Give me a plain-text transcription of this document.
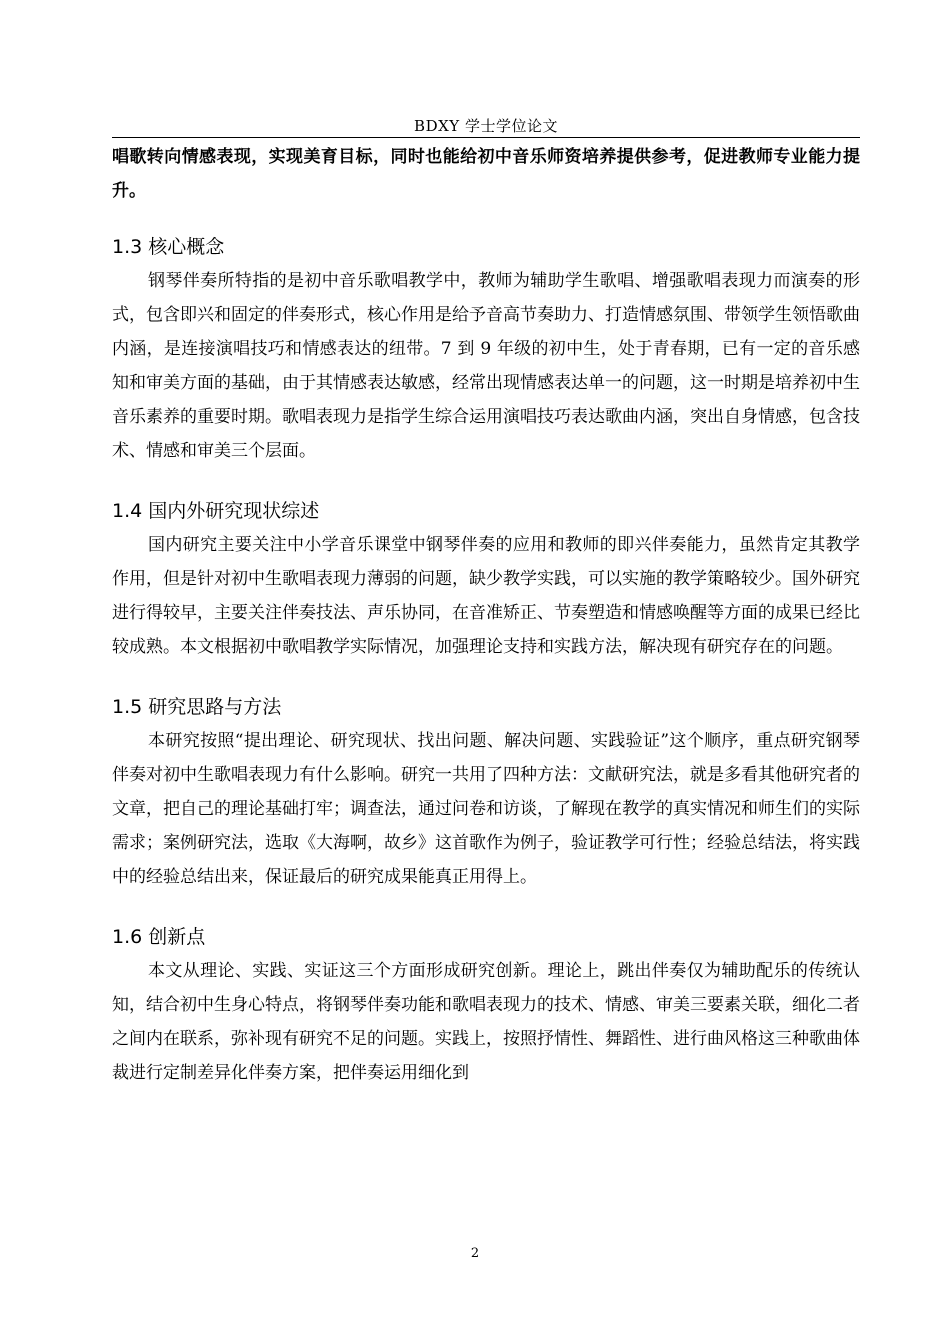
BDXY 学士学位论文

唱歌转向情感表现，实现美育目标，同时也能给初中音乐师资培养提供参考，促进教师专业能力提升。

1.3 核心概念

钢琴伴奏所特指的是初中音乐歌唱教学中，教师为辅助学生歌唱、增强歌唱表现力而演奏的形式，包含即兴和固定的伴奏形式，核心作用是给予音高节奏助力、打造情感氛围、带领学生领悟歌曲内涵，是连接演唱技巧和情感表达的纽带。7 到 9 年级的初中生，处于青春期，已有一定的音乐感知和审美方面的基础，由于其情感表达敏感，经常出现情感表达单一的问题，这一时期是培养初中生音乐素养的重要时期。歌唱表现力是指学生综合运用演唱技巧表达歌曲内涵，突出自身情感，包含技术、情感和审美三个层面。

1.4 国内外研究现状综述

国内研究主要关注中小学音乐课堂中钢琴伴奏的应用和教师的即兴伴奏能力，虽然肯定其教学作用，但是针对初中生歌唱表现力薄弱的问题，缺少教学实践，可以实施的教学策略较少。国外研究进行得较早，主要关注伴奏技法、声乐协同，在音准矫正、节奏塑造和情感唤醒等方面的成果已经比较成熟。本文根据初中歌唱教学实际情况，加强理论支持和实践方法，解决现有研究存在的问题。

1.5 研究思路与方法

本研究按照“提出理论、研究现状、找出问题、解决问题、实践验证”这个顺序，重点研究钢琴伴奏对初中生歌唱表现力有什么影响。研究一共用了四种方法：文献研究法，就是多看其他研究者的文章，把自己的理论基础打牢；调查法，通过问卷和访谈，了解现在教学的真实情况和师生们的实际需求；案例研究法，选取《大海啊，故乡》这首歌作为例子，验证教学可行性；经验总结法，将实践中的经验总结出来，保证最后的研究成果能真正用得上。

1.6 创新点

本文从理论、实践、实证这三个方面形成研究创新。理论上，跳出伴奏仅为辅助配乐的传统认知，结合初中生身心特点，将钢琴伴奏功能和歌唱表现力的技术、情感、审美三要素关联，细化二者之间内在联系，弥补现有研究不足的问题。实践上，按照抒情性、舞蹈性、进行曲风格这三种歌曲体裁进行定制差异化伴奏方案，把伴奏运用细化到

2
